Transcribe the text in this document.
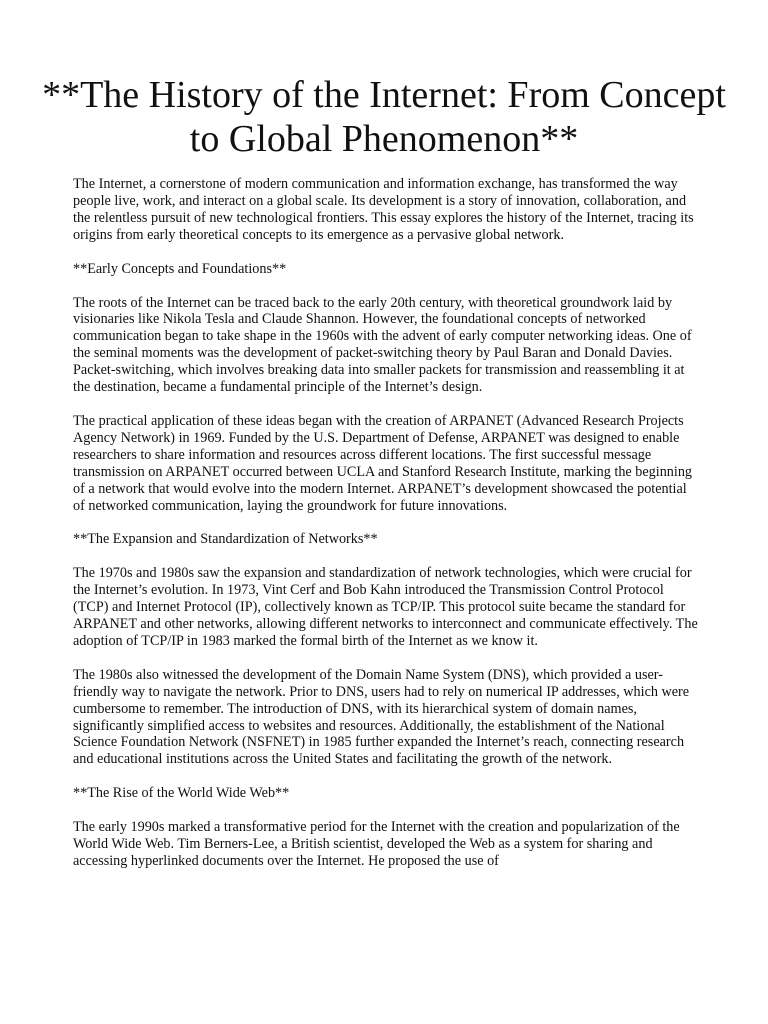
**The History of the Internet: From Concept to Global Phenomenon**

The Internet, a cornerstone of modern communication and information exchange, has transformed the way people live, work, and interact on a global scale. Its development is a story of innovation, collaboration, and the relentless pursuit of new technological frontiers. This essay explores the history of the Internet, tracing its origins from early theoretical concepts to its emergence as a pervasive global network.

**Early Concepts and Foundations**

The roots of the Internet can be traced back to the early 20th century, with theoretical groundwork laid by visionaries like Nikola Tesla and Claude Shannon. However, the foundational concepts of networked communication began to take shape in the 1960s with the advent of early computer networking ideas. One of the seminal moments was the development of packet-switching theory by Paul Baran and Donald Davies. Packet-switching, which involves breaking data into smaller packets for transmission and reassembling it at the destination, became a fundamental principle of the Internet’s design.

The practical application of these ideas began with the creation of ARPANET (Advanced Research Projects Agency Network) in 1969. Funded by the U.S. Department of Defense, ARPANET was designed to enable researchers to share information and resources across different locations. The first successful message transmission on ARPANET occurred between UCLA and Stanford Research Institute, marking the beginning of a network that would evolve into the modern Internet. ARPANET’s development showcased the potential of networked communication, laying the groundwork for future innovations.

**The Expansion and Standardization of Networks**

The 1970s and 1980s saw the expansion and standardization of network technologies, which were crucial for the Internet’s evolution. In 1973, Vint Cerf and Bob Kahn introduced the Transmission Control Protocol (TCP) and Internet Protocol (IP), collectively known as TCP/IP. This protocol suite became the standard for ARPANET and other networks, allowing different networks to interconnect and communicate effectively. The adoption of TCP/IP in 1983 marked the formal birth of the Internet as we know it.

The 1980s also witnessed the development of the Domain Name System (DNS), which provided a user-friendly way to navigate the network. Prior to DNS, users had to rely on numerical IP addresses, which were cumbersome to remember. The introduction of DNS, with its hierarchical system of domain names, significantly simplified access to websites and resources. Additionally, the establishment of the National Science Foundation Network (NSFNET) in 1985 further expanded the Internet’s reach, connecting research and educational institutions across the United States and facilitating the growth of the network.

**The Rise of the World Wide Web**

The early 1990s marked a transformative period for the Internet with the creation and popularization of the World Wide Web. Tim Berners-Lee, a British scientist, developed the Web as a system for sharing and accessing hyperlinked documents over the Internet. He proposed the use of
